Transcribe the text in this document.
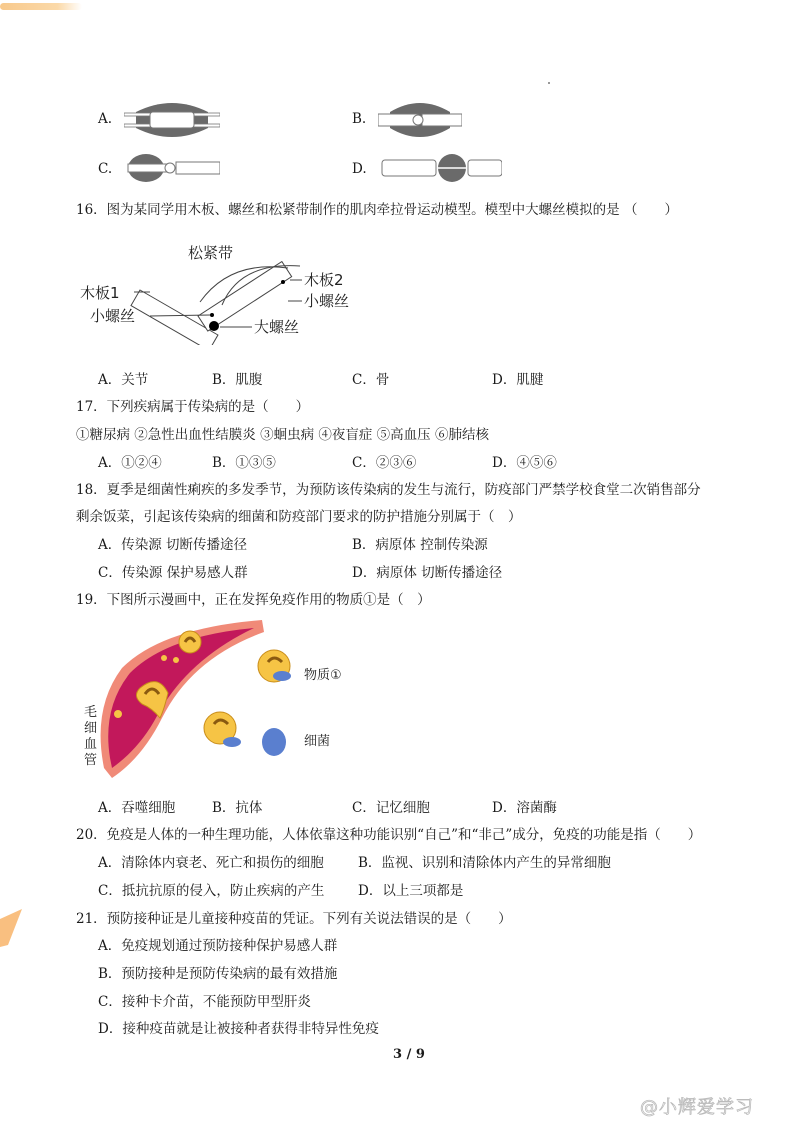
A.	B.
C.	D.
16．图为某同学用木板、螺丝和松紧带制作的肌肉牵拉骨运动模型。模型中大螺丝模拟的是 （　　）
松紧带
木板1
小螺丝
木板2
小螺丝
大螺丝
A．关节	B．肌腹	C．骨	D．肌腱
17．下列疾病属于传染病的是（　　）
①糖尿病 ②急性出血性结膜炎 ③蛔虫病 ④夜盲症 ⑤高血压 ⑥肺结核
A．①②④	B．①③⑤	C．②③⑥	D．④⑤⑥
18．夏季是细菌性痢疾的多发季节，为预防该传染病的发生与流行，防疫部门严禁学校食堂二次销售部分
剩余饭菜，引起该传染病的细菌和防疫部门要求的防护措施分别属于（　）
A．传染源 切断传播途径	B．病原体 控制传染源
C．传染源 保护易感人群	D．病原体 切断传播途径
19．下图所示漫画中，正在发挥免疫作用的物质①是（　）
物质①
细菌
毛细血管
A．吞噬细胞	B．抗体	C．记忆细胞	D．溶菌酶
20．免疫是人体的一种生理功能，人体依靠这种功能识别“自己”和“非己”成分，免疫的功能是指（　　）
A．清除体内衰老、死亡和损伤的细胞	B．监视、识别和清除体内产生的异常细胞
C．抵抗抗原的侵入，防止疾病的产生 D．以上三项都是
21．预防接种证是儿童接种疫苗的凭证。下列有关说法错误的是（　　）
A．免疫规划通过预防接种保护易感人群
B．预防接种是预防传染病的最有效措施
C．接种卡介苗，不能预防甲型肝炎
D．接种疫苗就是让被接种者获得非特异性免疫
3 / 9
@小辉爱学习
